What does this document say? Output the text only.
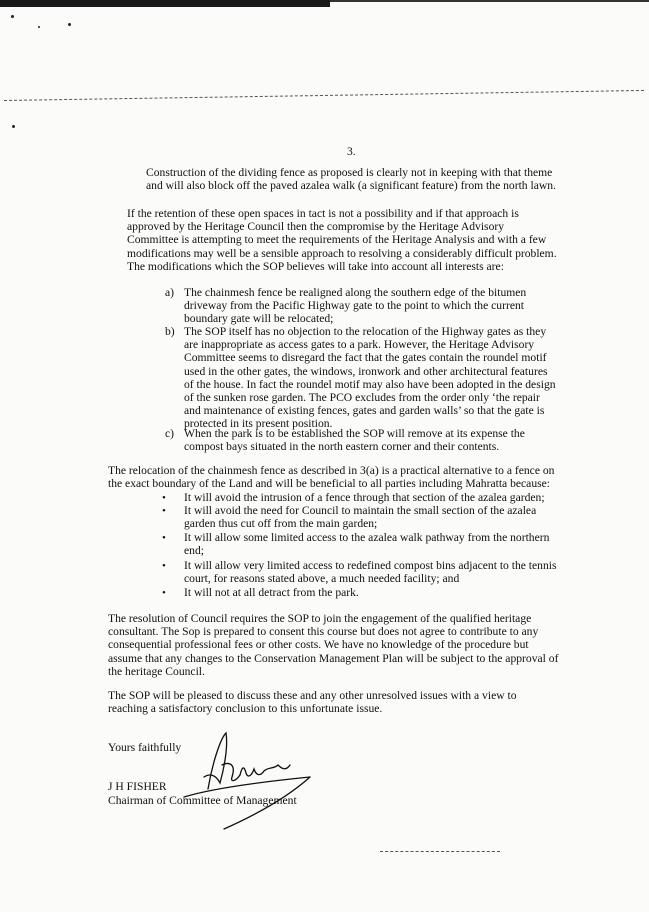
3.
Construction of the dividing fence as proposed is clearly not in keeping with that theme
and will also block off the paved azalea walk (a significant feature) from the north lawn.
If the retention of these open spaces in tact is not a possibility and if that approach is
approved by the Heritage Council then the compromise by the Heritage Advisory
Committee is attempting to meet the requirements of the Heritage Analysis and with a few
modifications may well be a sensible approach to resolving a considerably difficult problem.
The modifications which the SOP believes will take into account all interests are:
a) The chainmesh fence be realigned along the southern edge of the bitumen
driveway from the Pacific Highway gate to the point to which the current
boundary gate will be relocated;
b) The SOP itself has no objection to the relocation of the Highway gates as they
are inappropriate as access gates to a park. However, the Heritage Advisory
Committee seems to disregard the fact that the gates contain the roundel motif
used in the other gates, the windows, ironwork and other architectural features
of the house. In fact the roundel motif may also have been adopted in the design
of the sunken rose garden. The PCO excludes from the order only ‘the repair
and maintenance of existing fences, gates and garden walls’ so that the gate is
protected in its present position.
c) When the park is to be established the SOP will remove at its expense the
compost bays situated in the north eastern corner and their contents.
The relocation of the chainmesh fence as described in 3(a) is a practical alternative to a fence on
the exact boundary of the Land and will be beneficial to all parties including Mahratta because:
• It will avoid the intrusion of a fence through that section of the azalea garden;
• It will avoid the need for Council to maintain the small section of the azalea
garden thus cut off from the main garden;
• It will allow some limited access to the azalea walk pathway from the northern
end;
• It will allow very limited access to redefined compost bins adjacent to the tennis
court, for reasons stated above, a much needed facility; and
• It will not at all detract from the park.
The resolution of Council requires the SOP to join the engagement of the qualified heritage
consultant. The Sop is prepared to consent this course but does not agree to contribute to any
consequential professional fees or other costs. We have no knowledge of the procedure but
assume that any changes to the Conservation Management Plan will be subject to the approval of
the heritage Council.
The SOP will be pleased to discuss these and any other unresolved issues with a view to
reaching a satisfactory conclusion to this unfortunate issue.
Yours faithfully
J H FISHER
Chairman of Committee of Management
